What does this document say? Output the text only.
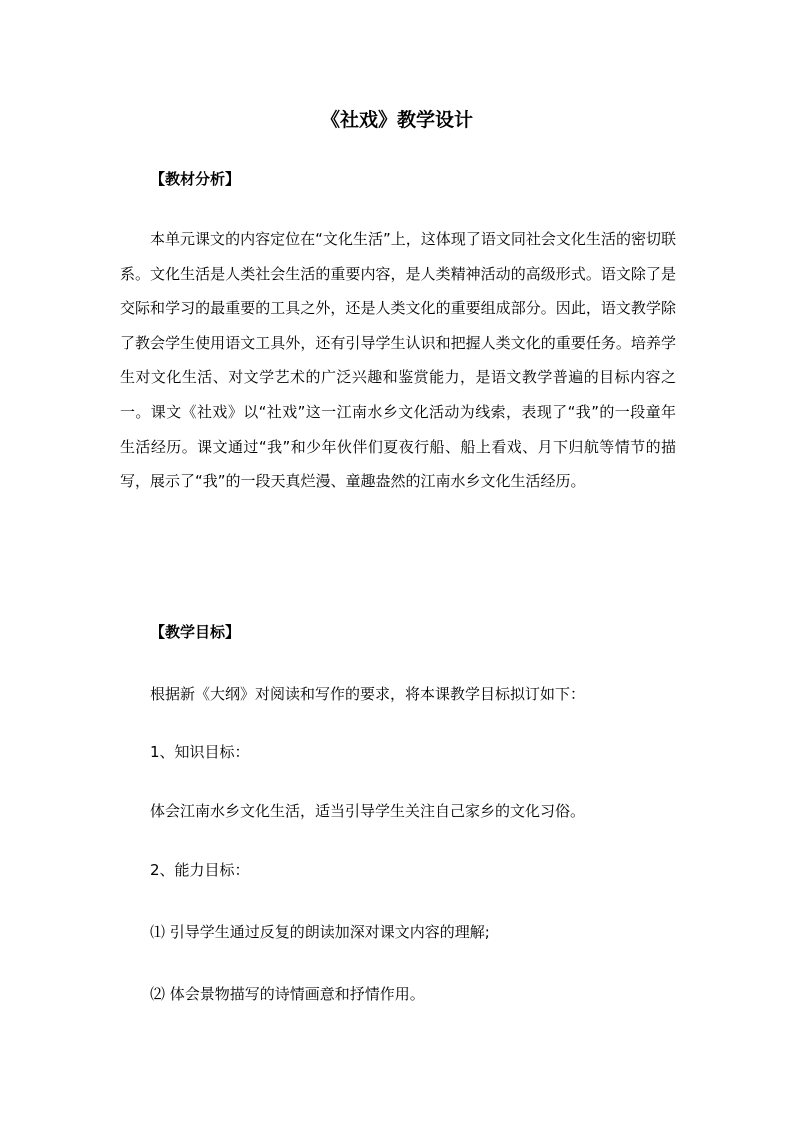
《社戏》教学设计
【教材分析】

本单元课文的内容定位在“文化生活”上，这体现了语文同社会文化生活的密切联系。文化生活是人类社会生活的重要内容，是人类精神活动的高级形式。语文除了是交际和学习的最重要的工具之外，还是人类文化的重要组成部分。因此，语文教学除了教会学生使用语文工具外，还有引导学生认识和把握人类文化的重要任务。培养学生对文化生活、对文学艺术的广泛兴趣和鉴赏能力，是语文教学普遍的目标内容之一。课文《社戏》以“社戏”这一江南水乡文化活动为线索，表现了“我”的一段童年生活经历。课文通过“我”和少年伙伴们夏夜行船、船上看戏、月下归航等情节的描写，展示了“我”的一段天真烂漫、童趣盎然的江南水乡文化生活经历。

【教学目标】
根据新《大纲》对阅读和写作的要求，将本课教学目标拟订如下：
1、知识目标：
体会江南水乡文化生活，适当引导学生关注自己家乡的文化习俗。
2、能力目标：
⑴ 引导学生通过反复的朗读加深对课文内容的理解;
⑵ 体会景物描写的诗情画意和抒情作用。
